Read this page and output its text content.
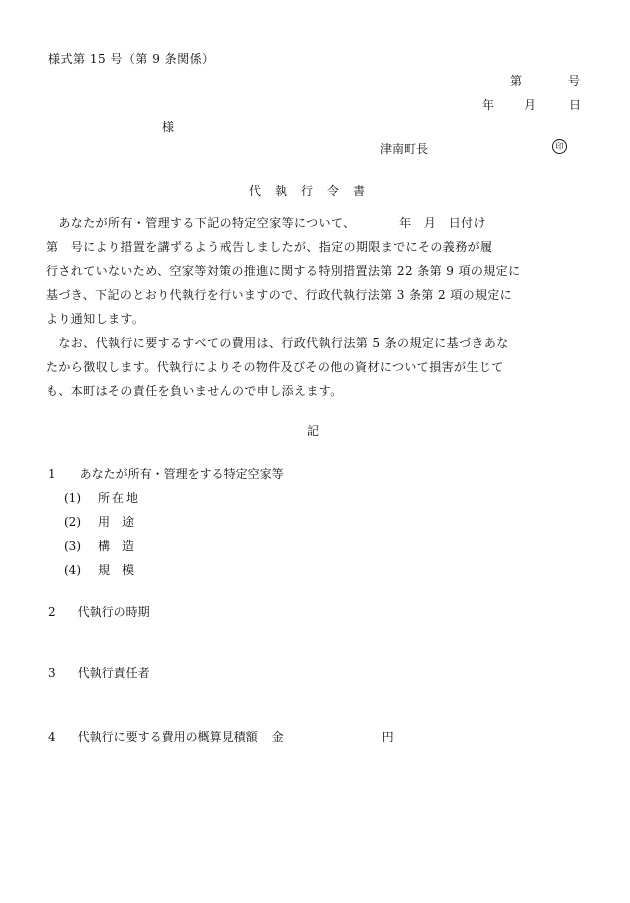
様式第 15 号（第 9 条関係）
第	号
年 月	日
様
津南町長	印
代執行令書

　あなたが所有・管理する下記の特定空家等について、　　　　年　月　日付け

第　号により措置を講ずるよう戒告しましたが、指定の期限までにその義務が履

行されていないため、空家等対策の推進に関する特別措置法第 22 条第 9 項の規定に

基づき、下記のとおり代執行を行いますので、行政代執行法第 3 条第 2 項の規定に

より通知します。

　なお、代執行に要するすべての費用は、行政代執行法第 5 条の規定に基づきあな

たから徴収します。代執行によりその物件及びその他の資材について損害が生じて

も、本町はその責任を負いませんので申し添えます。

記
1 あなたが所有・管理をする特定空家等
(1) 所在地
(2) 用途
(3) 構造
(4) 規模
2 代執行の時期
3 代執行責任者
4 代執行に要する費用の概算見積額 金	円
